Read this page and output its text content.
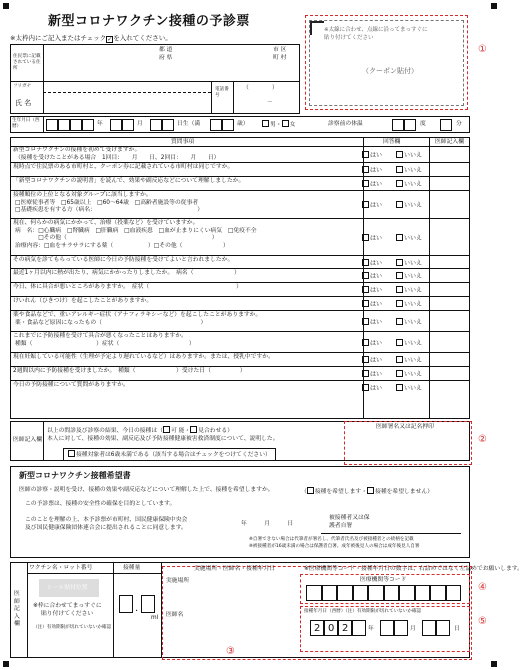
新型コロナワクチン接種の予診票
※太枠内にご記入またはチェック✓を入れてください。
※太線に合わせ、点線に沿ってまっすぐに
貼り付けてください
（クーポン貼付）
①
住民票に記載されている住所
都 道
府 県
市 区
町 村
フリガナ
氏 名
電話番号
（　　　　）
－
生年月日（西暦）	年	月	日生（満	歳）	男・ 女	診察前の体温	度	分
質問事項	回答欄	医師記入欄
新型コロナワクチンの接種を初めて受けますか。
（接種を受けたことがある場合　1回目：　　月　　日、2回目：　　月　　日）	はい	いいえ
現時点で住民票のある市町村と、クーポン券に記載されている市町村は同じですか。	はい	いいえ
「新型コロナワクチンの説明書」を読んで、効果や副反応などについて理解しましたか。	はい	いいえ
接種順位の上位となる対象グループに該当しますか。
□医療従事者等　□65歳以上　□60～64歳　□高齢者施設等の従事者
□基礎疾患を有する方（病名：　　　　　　　　　　　　　　　　　　）
はい	いいえ
現在、何らかの病気にかかって、治療（投薬など）を受けていますか。
病　名：□心臓病　□腎臓病　□肝臓病　□血液疾患　□血が止まりにくい病気　□免疫不全
　　　　□その他（　　　　　　　　　　　　　　　　　　　　　　　　　）
治療内容：□血をサラサラにする薬（　　　　　　）□その他（　　　　　　　）
はい	いいえ
その病気を診てもらっている医師に今日の予防接種を受けてよいと言われましたか。	はい	いいえ
最近1ヶ月以内に熱が出たり、病気にかかったりしましたか。　病名（　　　　　　　）	はい	いいえ
今日、体に具合が悪いところがありますか。　症状（　　　　　　　　　　　　　　　）	はい	いいえ
けいれん（ひきつけ）を起こしたことがありますか。	はい	いいえ
薬や食品などで、重いアレルギー症状（アナフィラキシーなど）を起こしたことがありますか。
薬・食品など原因になったもの（　　　　　　　　　　　　　　　　　）	はい	いいえ
これまでに予防接種を受けて具合が悪くなったことはありますか。
種類（　　　　　　　　　　　）症状（　　　　　　　　　　　　）	はい	いいえ
現在妊娠している可能性（生理が予定より遅れているなど）はありますか。または、授乳中ですか。	はい	いいえ
2週間以内に予防接種を受けましたか。　種類（　　　　　　　）受けた日（　　　　　）	はい	いいえ
今日の予防接種について質問がありますか。	はい	いいえ
医師記入欄
以上の問診及び診察の結果、今日の接種は（ 可 能・ 見合わせる）
本人に対して、接種の効果、副反応及び予防接種健康被害救済制度について、説明した。
接種対象者は6歳未満である（該当する場合はチェックをつけてください）
医師署名又は記名押印
②
新型コロナワクチン接種希望書
医師の診察・説明を受け、接種の効果や副反応などについて理解した上で、接種を希望しますか。	（ 接種を希望します・ 接種を希望しません）
この予診票は、接種の安全性の確保を目的としています。
このことを理解の上、本予診票が市町村、国民健康保険中央会
及び国民健康保険団体連合会に提出されることに同意します。
年　　　月　　　日
被接種者又は保護者自署
※自署できない場合は代筆者が署名し、代筆者氏名及び被接種者との続柄を記載
※被接種者が16歳未満の場合は保護者自署。成年被後見人の場合は成年後見人自署
ワクチン名・ロット番号	接種量
医師記入欄
シール貼付位置
※枠に合わせてまっすぐに
貼り付けてください
（注）有効期限が切れていないか確認
.
ml
実施場所・医師名・接種年月日	※医療機関等コード・接種年月日の数字は、右詰めではなく左詰めでお願いします。
実施場所
医師名
医療機関等コード
④
接種年月日（西暦）（注）有効期限が切れていないか確認
2 0 2	年	月	日
⑤
③
